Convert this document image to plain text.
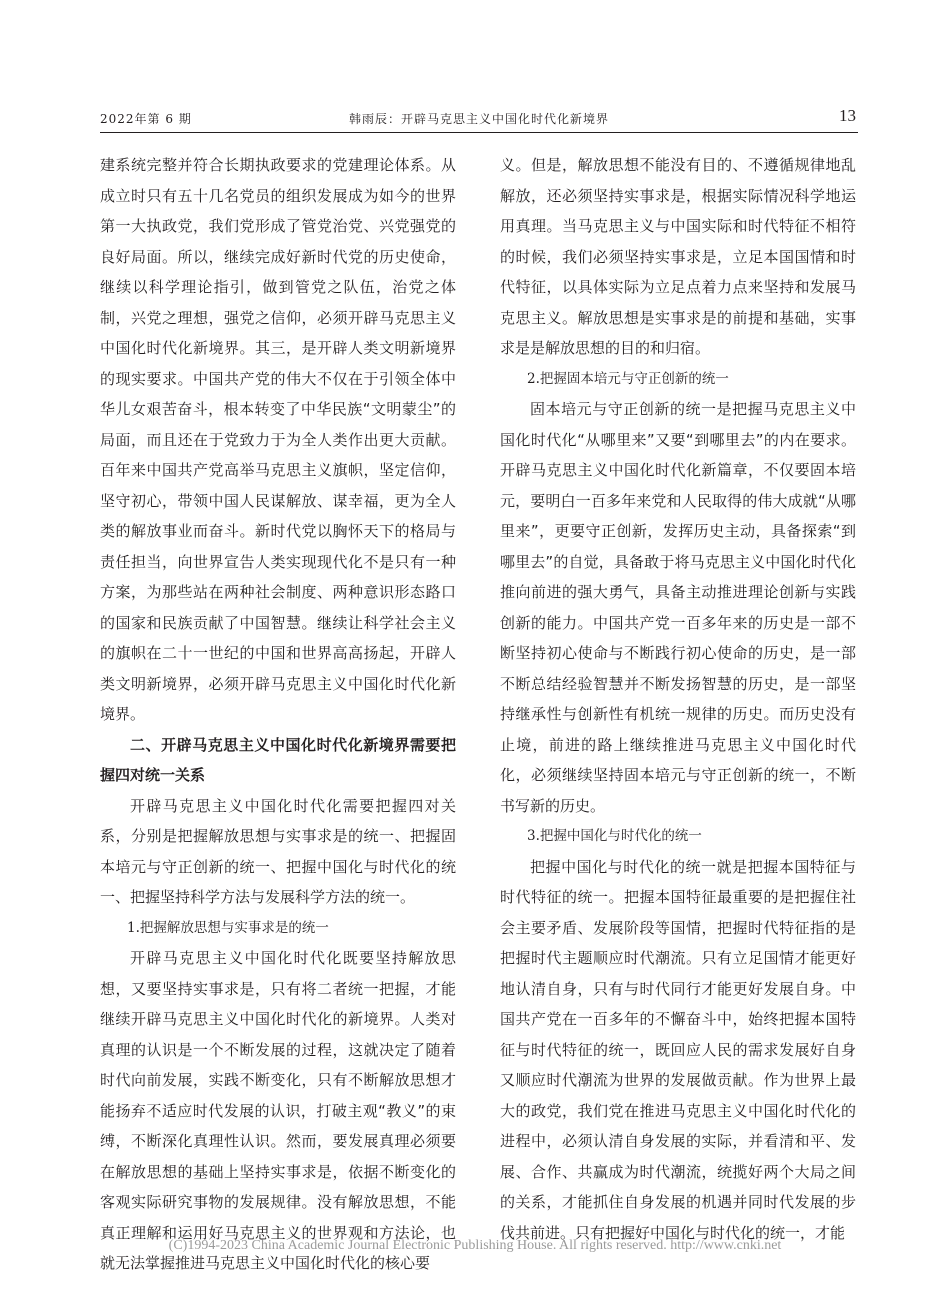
2022年第 6 期	韩雨辰：开辟马克思主义中国化时代化新境界	13

建系统完整并符合长期执政要求的党建理论体系。从成立时只有五十几名党员的组织发展成为如今的世界第一大执政党，我们党形成了管党治党、兴党强党的良好局面。所以，继续完成好新时代党的历史使命，继续以科学理论指引，做到管党之队伍，治党之体制，兴党之理想，强党之信仰，必须开辟马克思主义中国化时代化新境界。其三，是开辟人类文明新境界的现实要求。中国共产党的伟大不仅在于引领全体中华儿女艰苦奋斗，根本转变了中华民族“文明蒙尘”的局面，而且还在于党致力于为全人类作出更大贡献。百年来中国共产党高举马克思主义旗帜，坚定信仰，坚守初心，带领中国人民谋解放、谋幸福，更为全人类的解放事业而奋斗。新时代党以胸怀天下的格局与责任担当，向世界宣告人类实现现代化不是只有一种方案，为那些站在两种社会制度、两种意识形态路口的国家和民族贡献了中国智慧。继续让科学社会主义的旗帜在二十一世纪的中国和世界高高扬起，开辟人类文明新境界，必须开辟马克思主义中国化时代化新境界。

二、开辟马克思主义中国化时代化新境界需要把握四对统一关系

开辟马克思主义中国化时代化需要把握四对关系，分别是把握解放思想与实事求是的统一、把握固本培元与守正创新的统一、把握中国化与时代化的统一、把握坚持科学方法与发展科学方法的统一。

1.把握解放思想与实事求是的统一

开辟马克思主义中国化时代化既要坚持解放思想，又要坚持实事求是，只有将二者统一把握，才能继续开辟马克思主义中国化时代化的新境界。人类对真理的认识是一个不断发展的过程，这就决定了随着时代向前发展，实践不断变化，只有不断解放思想才能扬弃不适应时代发展的认识，打破主观“教义”的束缚，不断深化真理性认识。然而，要发展真理必须要在解放思想的基础上坚持实事求是，依据不断变化的客观实际研究事物的发展规律。没有解放思想，不能真正理解和运用好马克思主义的世界观和方法论，也就无法掌握推进马克思主义中国化时代化的核心要

义。但是，解放思想不能没有目的、不遵循规律地乱解放，还必须坚持实事求是，根据实际情况科学地运用真理。当马克思主义与中国实际和时代特征不相符的时候，我们必须坚持实事求是，立足本国国情和时代特征，以具体实际为立足点着力点来坚持和发展马克思主义。解放思想是实事求是的前提和基础，实事求是是解放思想的目的和归宿。

2.把握固本培元与守正创新的统一

固本培元与守正创新的统一是把握马克思主义中国化时代化“从哪里来”又要“到哪里去”的内在要求。开辟马克思主义中国化时代化新篇章，不仅要固本培元，要明白一百多年来党和人民取得的伟大成就“从哪里来”，更要守正创新，发挥历史主动，具备探索“到哪里去”的自觉，具备敢于将马克思主义中国化时代化推向前进的强大勇气，具备主动推进理论创新与实践创新的能力。中国共产党一百多年来的历史是一部不断坚持初心使命与不断践行初心使命的历史，是一部不断总结经验智慧并不断发扬智慧的历史，是一部坚持继承性与创新性有机统一规律的历史。而历史没有止境，前进的路上继续推进马克思主义中国化时代化，必须继续坚持固本培元与守正创新的统一，不断书写新的历史。

3.把握中国化与时代化的统一

把握中国化与时代化的统一就是把握本国特征与时代特征的统一。把握本国特征最重要的是把握住社会主要矛盾、发展阶段等国情，把握时代特征指的是把握时代主题顺应时代潮流。只有立足国情才能更好地认清自身，只有与时代同行才能更好发展自身。中国共产党在一百多年的不懈奋斗中，始终把握本国特征与时代特征的统一，既回应人民的需求发展好自身又顺应时代潮流为世界的发展做贡献。作为世界上最大的政党，我们党在推进马克思主义中国化时代化的进程中，必须认清自身发展的实际，并看清和平、发展、合作、共赢成为时代潮流，统揽好两个大局之间的关系，才能抓住自身发展的机遇并同时代发展的步伐共前进。只有把握好中国化与时代化的统一，才能

(C)1994-2023 China Academic Journal Electronic Publishing House. All rights reserved. http://www.cnki.net
